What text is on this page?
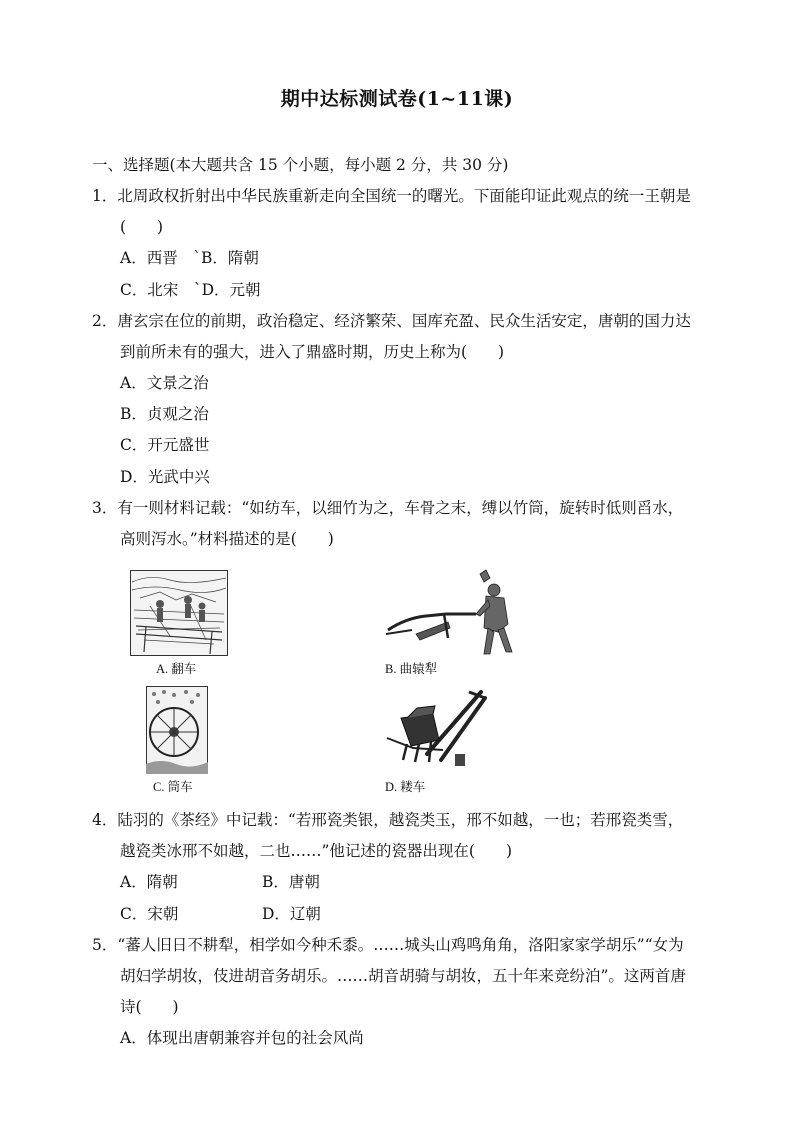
期中达标测试卷(1~11课)
一、选择题(本大题共含 15 个小题，每小题 2 分，共 30 分)
1．北周政权折射出中华民族重新走向全国统一的曙光。下面能印证此观点的统一王朝是
(　　)
A．西晋　`B．隋朝
C．北宋　`D．元朝
2．唐玄宗在位的前期，政治稳定、经济繁荣、国库充盈、民众生活安定，唐朝的国力达
到前所未有的强大，进入了鼎盛时期，历史上称为(　　)
A．文景之治
B．贞观之治
C．开元盛世
D．光武中兴
3．有一则材料记载：“如纺车，以细竹为之，车骨之末，缚以竹筒，旋转时低则舀水，
高则泻水。”材料描述的是(　　)
A. 翻车	B. 曲辕犁
C. 筒车	D. 耧车
4．陆羽的《茶经》中记载：“若邢瓷类银，越瓷类玉，邢不如越，一也；若邢瓷类雪，
越瓷类冰邢不如越，二也……”他记述的瓷器出现在(　　)
A．隋朝	B．唐朝
C．宋朝	D．辽朝
5．“蕃人旧日不耕犁，相学如今种禾黍。……城头山鸡鸣角角，洛阳家家学胡乐”“女为
胡妇学胡妆，伎进胡音务胡乐。……胡音胡骑与胡妆，五十年来竞纷泊”。这两首唐
诗(　　)
A．体现出唐朝兼容并包的社会风尚
